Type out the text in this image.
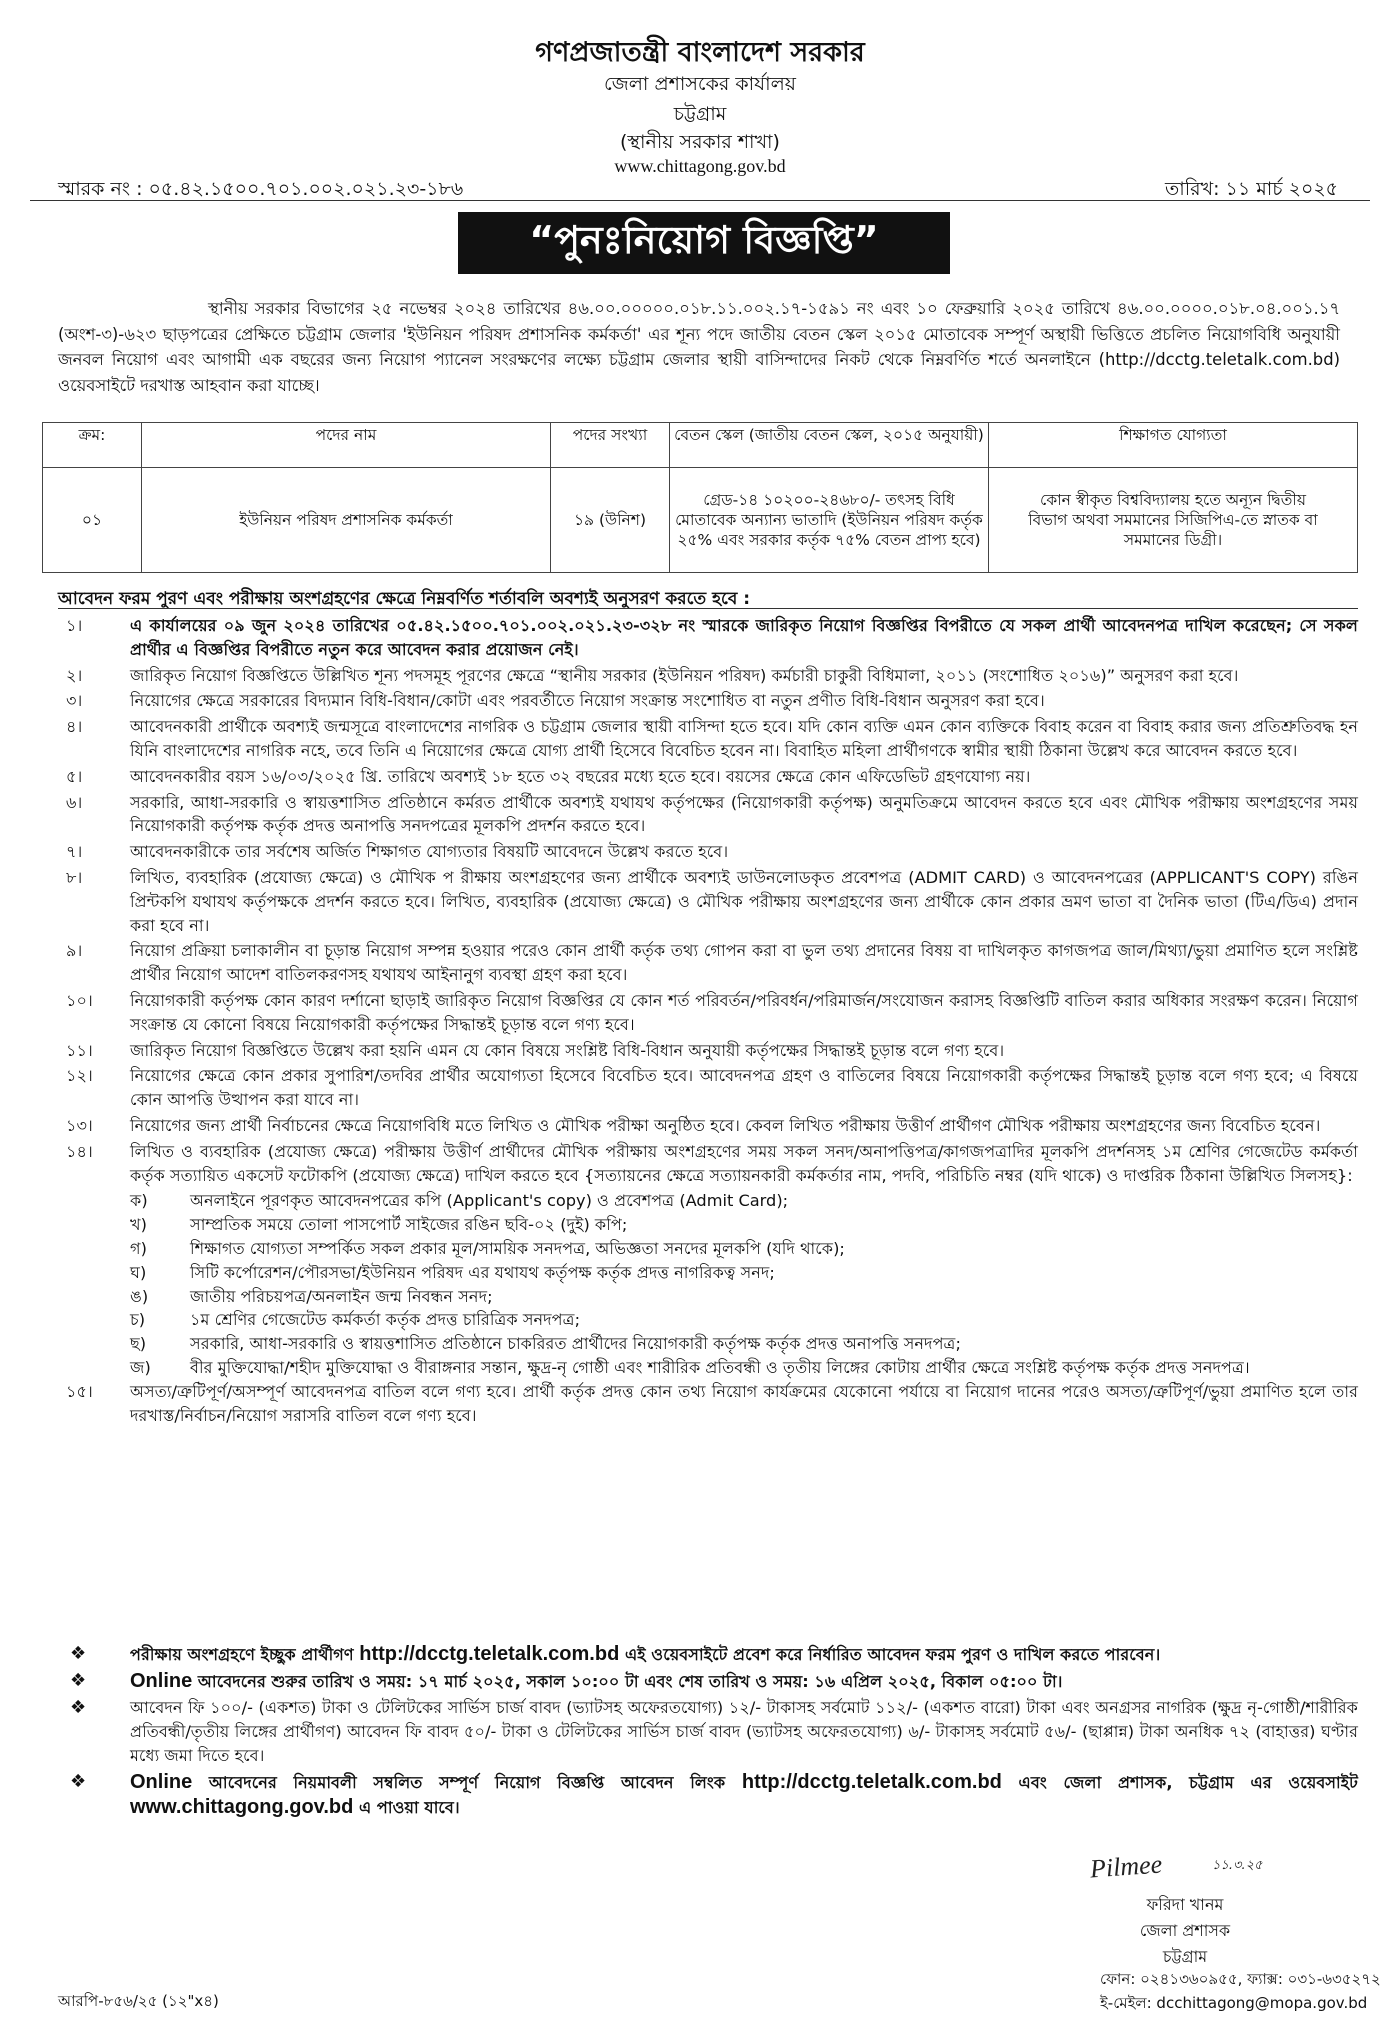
গণপ্রজাতন্ত্রী বাংলাদেশ সরকার
জেলা প্রশাসকের কার্যালয়
চট্টগ্রাম
(স্থানীয় সরকার শাখা)
www.chittagong.gov.bd
স্মারক নং : ০৫.৪২.১৫০০.৭০১.০০২.০২১.২৩-১৮৬	তারিখ: ১১ মার্চ ২০২৫
“পুনঃনিয়োগ বিজ্ঞপ্তি”
স্থানীয় সরকার বিভাগের ২৫ নভেম্বর ২০২৪ তারিখের ৪৬.০০.০০০০০.০১৮.১১.০০২.১৭-১৫৯১ নং এবং ১০ ফেব্রুয়ারি ২০২৫ তারিখে ৪৬.০০.০০০০.০১৮.০৪.০০১.১৭ (অংশ-৩)-৬২৩ ছাড়পত্রের প্রেক্ষিতে চট্টগ্রাম জেলার 'ইউনিয়ন পরিষদ প্রশাসনিক কর্মকর্তা' এর শূন্য পদে জাতীয় বেতন স্কেল ২০১৫ মোতাবেক সম্পূর্ণ অস্থায়ী ভিত্তিতে প্রচলিত নিয়োগবিধি অনুযায়ী জনবল নিয়োগ এবং আগামী এক বছরের জন্য নিয়োগ প্যানেল সংরক্ষণের লক্ষ্যে চট্টগ্রাম জেলার স্থায়ী বাসিন্দাদের নিকট থেকে নিম্নবর্ণিত শর্তে অনলাইনে (http://dcctg.teletalk.com.bd) ওয়েবসাইটে দরখাস্ত আহবান করা যাচ্ছে।
ক্রম:	পদের নাম	পদের সংখ্যা	বেতন স্কেল (জাতীয় বেতন স্কেল, ২০১৫ অনুযায়ী)	শিক্ষাগত যোগ্যতা
০১	ইউনিয়ন পরিষদ প্রশাসনিক কর্মকর্তা	১৯ (উনিশ)	গ্রেড-১৪ ১০২০০-২৪৬৮০/- তৎসহ বিধি মোতাবেক অন্যান্য ভাতাদি (ইউনিয়ন পরিষদ কর্তৃক ২৫% এবং সরকার কর্তৃক ৭৫% বেতন প্রাপ্য হবে)	কোন স্বীকৃত বিশ্ববিদ্যালয় হতে অন্যূন দ্বিতীয় বিভাগ অথবা সমমানের সিজিপিএ-তে স্নাতক বা সমমানের ডিগ্রী।
আবেদন ফরম পুরণ এবং পরীক্ষায় অংশগ্রহণের ক্ষেত্রে নিম্নবর্ণিত শর্তাবলি অবশ্যই অনুসরণ করতে হবে :
১।	এ কার্যালয়ের ০৯ জুন ২০২৪ তারিখের ০৫.৪২.১৫০০.৭০১.০০২.০২১.২৩-৩২৮ নং স্মারকে জারিকৃত নিয়োগ বিজ্ঞপ্তির বিপরীতে যে সকল প্রার্থী আবেদনপত্র দাখিল করেছেন; সে সকল প্রার্থীর এ বিজ্ঞপ্তির বিপরীতে নতুন করে আবেদন করার প্রয়োজন নেই।
২।	জারিকৃত নিয়োগ বিজ্ঞপ্তিতে উল্লিখিত শূন্য পদসমূহ পূরণের ক্ষেত্রে “স্থানীয় সরকার (ইউনিয়ন পরিষদ) কর্মচারী চাকুরী বিধিমালা, ২০১১ (সংশোধিত ২০১৬)” অনুসরণ করা হবে।
৩।	নিয়োগের ক্ষেত্রে সরকারের বিদ্যমান বিধি-বিধান/কোটা এবং পরবর্তীতে নিয়োগ সংক্রান্ত সংশোধিত বা নতুন প্রণীত বিধি-বিধান অনুসরণ করা হবে।
৪।	আবেদনকারী প্রার্থীকে অবশ্যই জন্মসূত্রে বাংলাদেশের নাগরিক ও চট্টগ্রাম জেলার স্থায়ী বাসিন্দা হতে হবে। যদি কোন ব্যক্তি এমন কোন ব্যক্তিকে বিবাহ করেন বা বিবাহ করার জন্য প্রতিশ্রুতিবদ্ধ হন যিনি বাংলাদেশের নাগরিক নহে, তবে তিনি এ নিয়োগের ক্ষেত্রে যোগ্য প্রার্থী হিসেবে বিবেচিত হবেন না। বিবাহিত মহিলা প্রার্থীগণকে স্বামীর স্থায়ী ঠিকানা উল্লেখ করে আবেদন করতে হবে।
৫।	আবেদনকারীর বয়স ১৬/০৩/২০২৫ খ্রি. তারিখে অবশ্যই ১৮ হতে ৩২ বছরের মধ্যে হতে হবে। বয়সের ক্ষেত্রে কোন এফিডেভিট গ্রহণযোগ্য নয়।
৬।	সরকারি, আধা-সরকারি ও স্বায়ত্তশাসিত প্রতিষ্ঠানে কর্মরত প্রার্থীকে অবশ্যই যথাযথ কর্তৃপক্ষের (নিয়োগকারী কর্তৃপক্ষ) অনুমতিক্রমে আবেদন করতে হবে এবং মৌখিক পরীক্ষায় অংশগ্রহণের সময় নিয়োগকারী কর্তৃপক্ষ কর্তৃক প্রদত্ত অনাপত্তি সনদপত্রের মূলকপি প্রদর্শন করতে হবে।
৭।	আবেদনকারীকে তার সর্বশেষ অর্জিত শিক্ষাগত যোগ্যতার বিষয়টি আবেদনে উল্লেখ করতে হবে।
৮।	লিখিত, ব্যবহারিক (প্রযোজ্য ক্ষেত্রে) ও মৌখিক প রীক্ষায় অংশগ্রহণের জন্য প্রার্থীকে অবশ্যই ডাউনলোডকৃত প্রবেশপত্র (ADMIT CARD) ও আবেদনপত্রের (APPLICANT'S COPY) রঙিন প্রিন্টকপি যথাযথ কর্তৃপক্ষকে প্রদর্শন করতে হবে। লিখিত, ব্যবহারিক (প্রযোজ্য ক্ষেত্রে) ও মৌখিক পরীক্ষায় অংশগ্রহণের জন্য প্রার্থীকে কোন প্রকার ভ্রমণ ভাতা বা দৈনিক ভাতা (টিএ/ডিএ) প্রদান করা হবে না।
৯।	নিয়োগ প্রক্রিয়া চলাকালীন বা চূড়ান্ত নিয়োগ সম্পন্ন হওয়ার পরেও কোন প্রার্থী কর্তৃক তথ্য গোপন করা বা ভুল তথ্য প্রদানের বিষয় বা দাখিলকৃত কাগজপত্র জাল/মিথ্যা/ভুয়া প্রমাণিত হলে সংশ্লিষ্ট প্রার্থীর নিয়োগ আদেশ বাতিলকরণসহ যথাযথ আইনানুগ ব্যবস্থা গ্রহণ করা হবে।
১০।	নিয়োগকারী কর্তৃপক্ষ কোন কারণ দর্শানো ছাড়াই জারিকৃত নিয়োগ বিজ্ঞপ্তির যে কোন শর্ত পরিবর্তন/পরিবর্ধন/পরিমার্জন/সংযোজন করাসহ বিজ্ঞপ্তিটি বাতিল করার অধিকার সংরক্ষণ করেন। নিয়োগ সংক্রান্ত যে কোনো বিষয়ে নিয়োগকারী কর্তৃপক্ষের সিদ্ধান্তই চূড়ান্ত বলে গণ্য হবে।
১১।	জারিকৃত নিয়োগ বিজ্ঞপ্তিতে উল্লেখ করা হয়নি এমন যে কোন বিষয়ে সংশ্লিষ্ট বিধি-বিধান অনুযায়ী কর্তৃপক্ষের সিদ্ধান্তই চূড়ান্ত বলে গণ্য হবে।
১২।	নিয়োগের ক্ষেত্রে কোন প্রকার সুপারিশ/তদবির প্রার্থীর অযোগ্যতা হিসেবে বিবেচিত হবে। আবেদনপত্র গ্রহণ ও বাতিলের বিষয়ে নিয়োগকারী কর্তৃপক্ষের সিদ্ধান্তই চূড়ান্ত বলে গণ্য হবে; এ বিষয়ে কোন আপত্তি উত্থাপন করা যাবে না।
১৩।	নিয়োগের জন্য প্রার্থী নির্বাচনের ক্ষেত্রে নিয়োগবিধি মতে লিখিত ও মৌখিক পরীক্ষা অনুষ্ঠিত হবে। কেবল লিখিত পরীক্ষায় উত্তীর্ণ প্রার্থীগণ মৌখিক পরীক্ষায় অংশগ্রহণের জন্য বিবেচিত হবেন।
১৪।	লিখিত ও ব্যবহারিক (প্রযোজ্য ক্ষেত্রে) পরীক্ষায় উত্তীর্ণ প্রার্থীদের মৌখিক পরীক্ষায় অংশগ্রহণের সময় সকল সনদ/অনাপত্তিপত্র/কাগজপত্রাদির মূলকপি প্রদর্শনসহ ১ম শ্রেণির গেজেটেড কর্মকর্তা কর্তৃক সত্যায়িত একসেট ফটোকপি (প্রযোজ্য ক্ষেত্রে) দাখিল করতে হবে {সত্যায়নের ক্ষেত্রে সত্যায়নকারী কর্মকর্তার নাম, পদবি, পরিচিতি নম্বর (যদি থাকে) ও দাপ্তরিক ঠিকানা উল্লিখিত সিলসহ}:
ক)	অনলাইনে পূরণকৃত আবেদনপত্রের কপি (Applicant's copy) ও প্রবেশপত্র (Admit Card);
খ)	সাম্প্রতিক সময়ে তোলা পাসপোর্ট সাইজের রঙিন ছবি-০২ (দুই) কপি;
গ)	শিক্ষাগত যোগ্যতা সম্পর্কিত সকল প্রকার মূল/সাময়িক সনদপত্র, অভিজ্ঞতা সনদের মূলকপি (যদি থাকে);
ঘ)	সিটি কর্পোরেশন/পৌরসভা/ইউনিয়ন পরিষদ এর যথাযথ কর্তৃপক্ষ কর্তৃক প্রদত্ত নাগরিকত্ব সনদ;
ঙ)	জাতীয় পরিচয়পত্র/অনলাইন জন্ম নিবন্ধন সনদ;
চ)	১ম শ্রেণির গেজেটেড কর্মকর্তা কর্তৃক প্রদত্ত চারিত্রিক সনদপত্র;
ছ)	সরকারি, আধা-সরকারি ও স্বায়ত্তশাসিত প্রতিষ্ঠানে চাকরিরত প্রার্থীদের নিয়োগকারী কর্তৃপক্ষ কর্তৃক প্রদত্ত অনাপত্তি সনদপত্র;
জ)	বীর মুক্তিযোদ্ধা/শহীদ মুক্তিযোদ্ধা ও বীরাঙ্গনার সন্তান, ক্ষুদ্র-নৃ গোষ্ঠী এবং শারীরিক প্রতিবন্ধী ও তৃতীয় লিঙ্গের কোটায় প্রার্থীর ক্ষেত্রে সংশ্লিষ্ট কর্তৃপক্ষ কর্তৃক প্রদত্ত সনদপত্র।
১৫।	অসত্য/ত্রুটিপূর্ণ/অসম্পূর্ণ আবেদনপত্র বাতিল বলে গণ্য হবে। প্রার্থী কর্তৃক প্রদত্ত কোন তথ্য নিয়োগ কার্যক্রমের যেকোনো পর্যায়ে বা নিয়োগ দানের পরেও অসত্য/ত্রুটিপূর্ণ/ভুয়া প্রমাণিত হলে তার দরখাস্ত/নির্বাচন/নিয়োগ সরাসরি বাতিল বলে গণ্য হবে।
❖	পরীক্ষায় অংশগ্রহণে ইচ্ছুক প্রার্থীগণ http://dcctg.teletalk.com.bd এই ওয়েবসাইটে প্রবেশ করে নির্ধারিত আবেদন ফরম পুরণ ও দাখিল করতে পারবেন।
❖	Online আবেদনের শুরুর তারিখ ও সময়: ১৭ মার্চ ২০২৫, সকাল ১০:০০ টা এবং শেষ তারিখ ও সময়: ১৬ এপ্রিল ২০২৫, বিকাল ০৫:০০ টা।
❖	আবেদন ফি ১০০/- (একশত) টাকা ও টেলিটকের সার্ভিস চার্জ বাবদ (ভ্যাটসহ অফেরতযোগ্য) ১২/- টাকাসহ সর্বমোট ১১২/- (একশত বারো) টাকা এবং অনগ্রসর নাগরিক (ক্ষুদ্র নৃ-গোষ্ঠী/শারীরিক প্রতিবন্ধী/তৃতীয় লিঙ্গের প্রার্থীগণ) আবেদন ফি বাবদ ৫০/- টাকা ও টেলিটকের সার্ভিস চার্জ বাবদ (ভ্যাটসহ অফেরতযোগ্য) ৬/- টাকাসহ সর্বমোট ৫৬/- (ছাপ্পান্ন) টাকা অনধিক ৭২ (বাহাত্তর) ঘণ্টার মধ্যে জমা দিতে হবে।
❖	Online আবেদনের নিয়মাবলী সম্বলিত সম্পূর্ণ নিয়োগ বিজ্ঞপ্তি আবেদন লিংক http://dcctg.teletalk.com.bd এবং জেলা প্রশাসক, চট্টগ্রাম এর ওয়েবসাইট www.chittagong.gov.bd এ পাওয়া যাবে।
Pilmee	১১.৩.২৫
ফরিদা খানম
জেলা প্রশাসক
চট্টগ্রাম
ফোন: ০২৪১৩৬০৯৫৫, ফ্যাক্স: ০৩১-৬৩৫২৭২
ই-মেইল: dcchittagong@mopa.gov.bd
আরপি-৮৫৬/২৫ (১২"x৪)
